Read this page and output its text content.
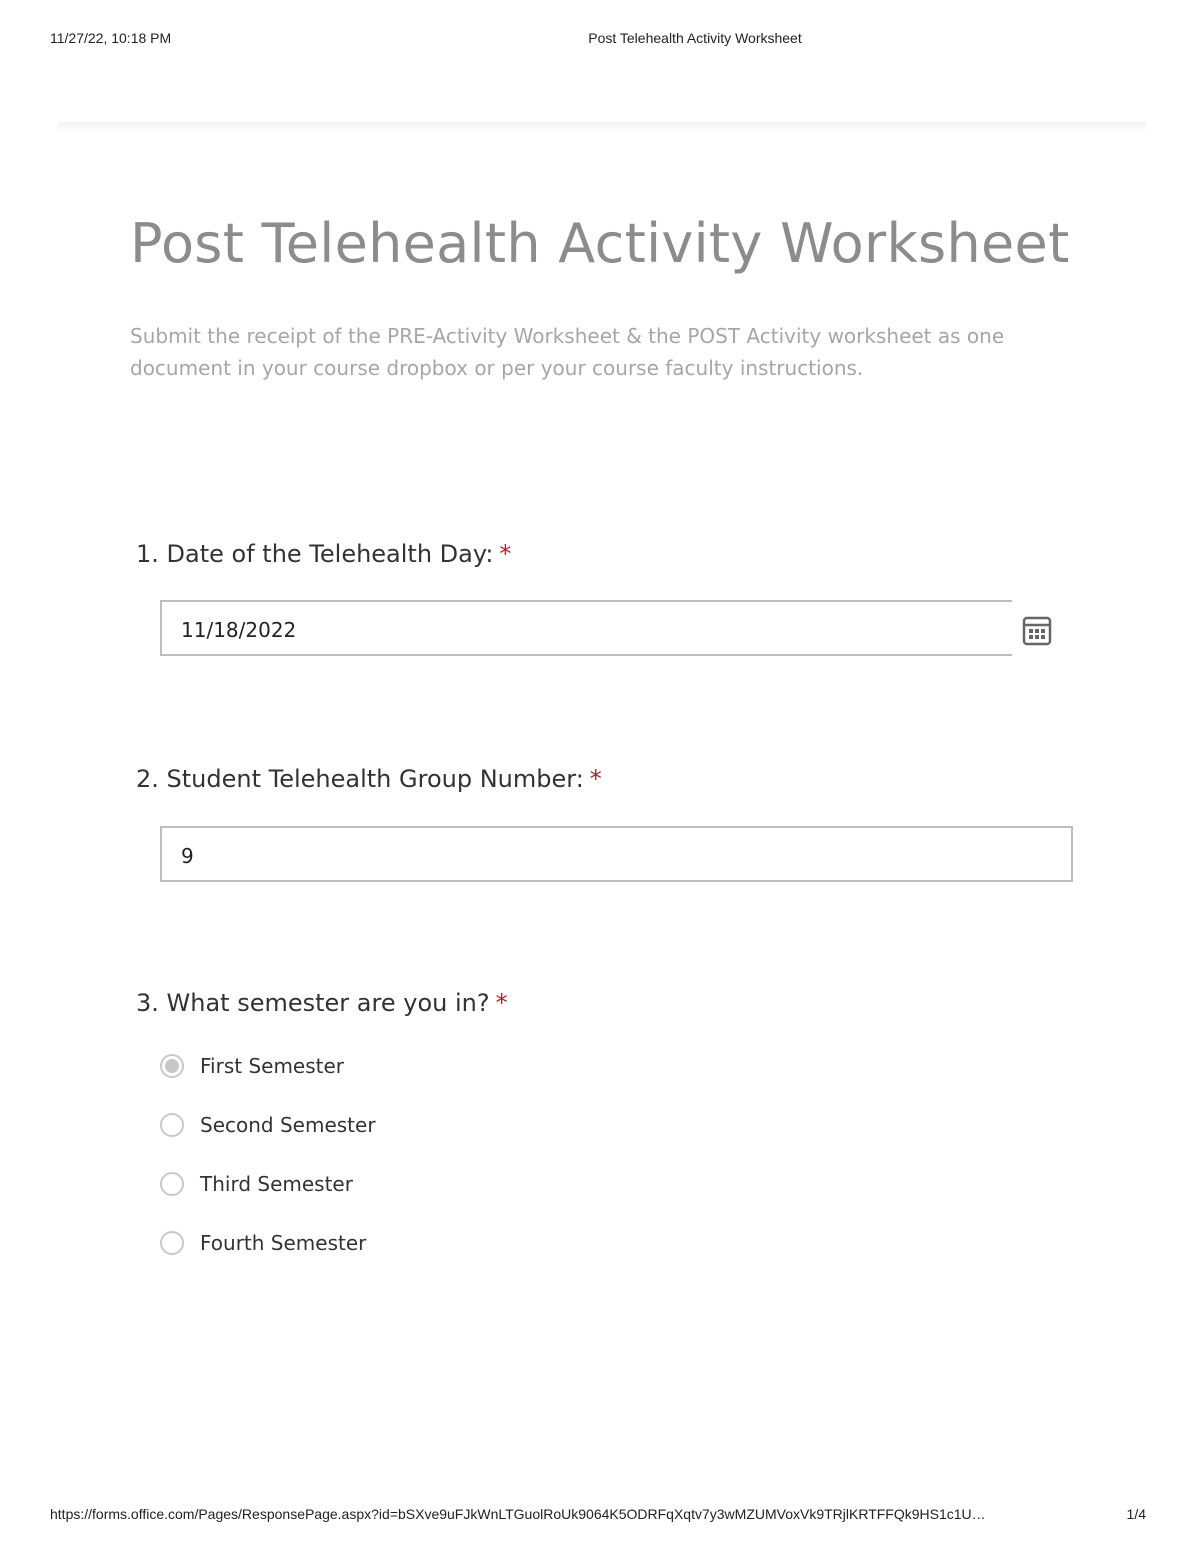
11/27/22, 10:18 PM	Post Telehealth Activity Worksheet
Post Telehealth Activity Worksheet

Submit the receipt of the PRE-Activity Worksheet & the POST Activity worksheet as one document in your course dropbox or per your course faculty instructions.

1. Date of the Telehealth Day: *
11/18/2022
2. Student Telehealth Group Number: *
9
3. What semester are you in? *
First Semester
Second Semester
Third Semester
Fourth Semester
https://forms.office.com/Pages/ResponsePage.aspx?id=bSXve9uFJkWnLTGuolRoUk9064K5ODRFqXqtv7y3wMZUMVoxVk9TRjlKRTFFQk9HS1c1U…	1/4
